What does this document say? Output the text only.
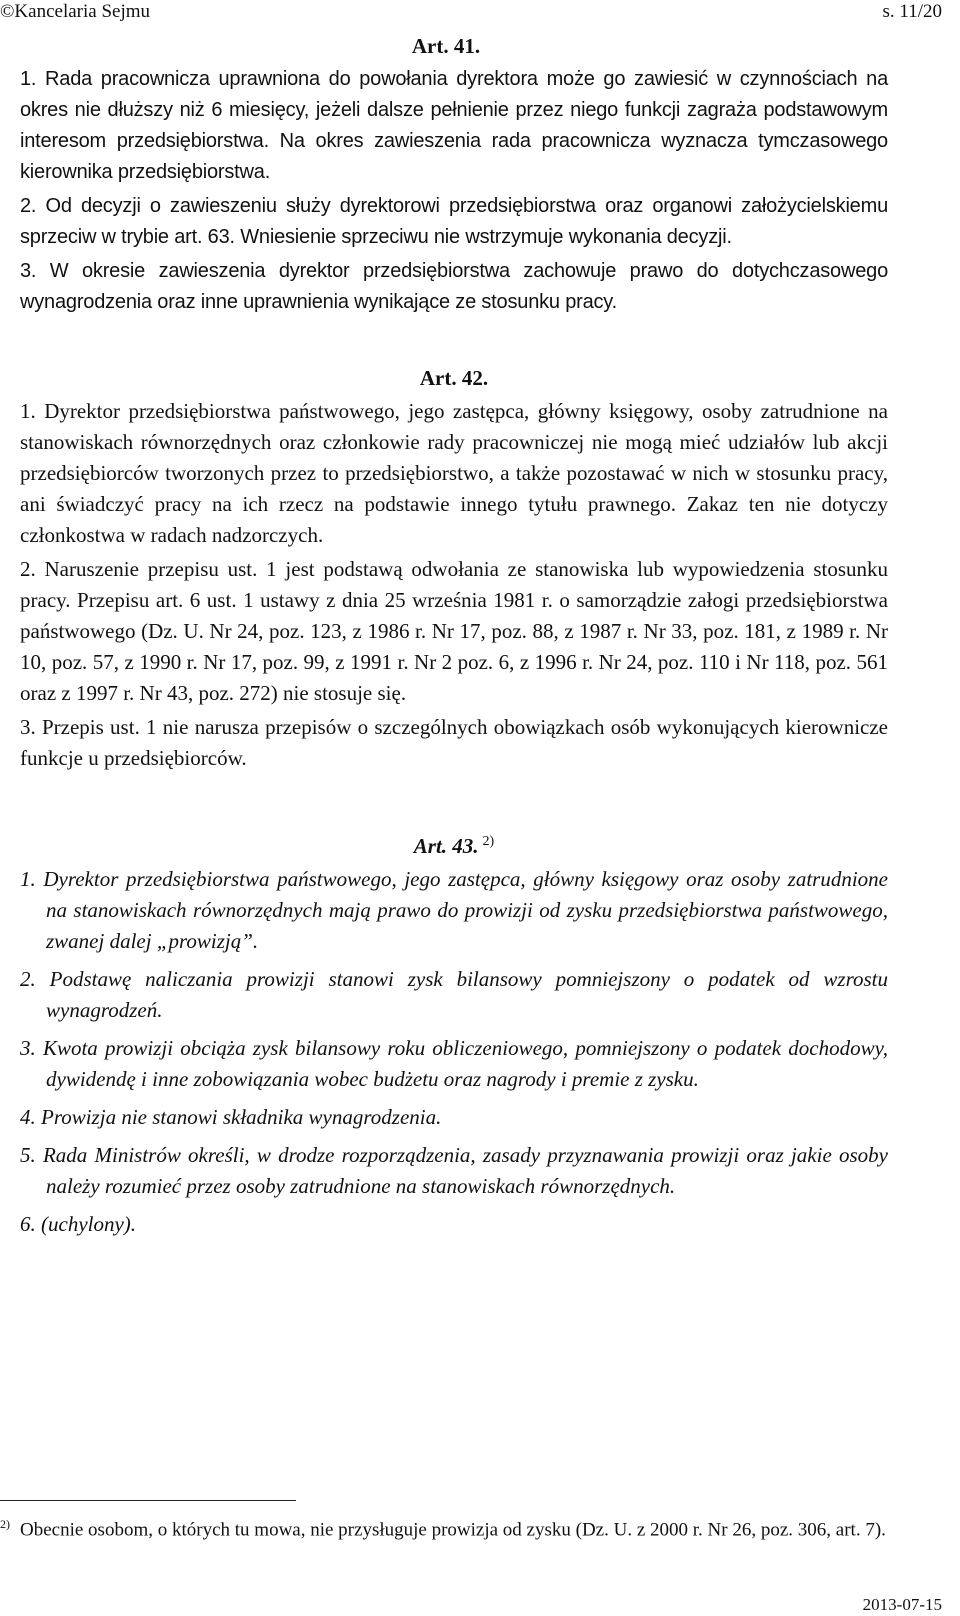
©Kancelaria Sejmu	s. 11/20
Art. 41.

1. Rada pracownicza uprawniona do powołania dyrektora może go zawiesić w czynnościach na okres nie dłuższy niż 6 miesięcy, jeżeli dalsze pełnienie przez niego funkcji zagraża podstawowym interesom przedsiębiorstwa. Na okres zawieszenia rada pracownicza wyznacza tymczasowego kierownika przedsiębiorstwa.

2. Od decyzji o zawieszeniu służy dyrektorowi przedsiębiorstwa oraz organowi założycielskiemu sprzeciw w trybie art. 63. Wniesienie sprzeciwu nie wstrzymuje wykonania decyzji.

3. W okresie zawieszenia dyrektor przedsiębiorstwa zachowuje prawo do dotychczasowego wynagrodzenia oraz inne uprawnienia wynikające ze stosunku pracy.

Art. 42.

1. Dyrektor przedsiębiorstwa państwowego, jego zastępca, główny księgowy, osoby zatrudnione na stanowiskach równorzędnych oraz członkowie rady pracowniczej nie mogą mieć udziałów lub akcji przedsiębiorców tworzonych przez to przedsiębiorstwo, a także pozostawać w nich w stosunku pracy, ani świadczyć pracy na ich rzecz na podstawie innego tytułu prawnego. Zakaz ten nie dotyczy członkostwa w radach nadzorczych.

2. Naruszenie przepisu ust. 1 jest podstawą odwołania ze stanowiska lub wypowiedzenia stosunku pracy. Przepisu art. 6 ust. 1 ustawy z dnia 25 września 1981 r. o samorządzie załogi przedsiębiorstwa państwowego (Dz. U. Nr 24, poz. 123, z 1986 r. Nr 17, poz. 88, z 1987 r. Nr 33, poz. 181, z 1989 r. Nr 10, poz. 57, z 1990 r. Nr 17, poz. 99, z 1991 r. Nr 2 poz. 6, z 1996 r. Nr 24, poz. 110 i Nr 118, poz. 561 oraz z 1997 r. Nr 43, poz. 272) nie stosuje się.

3. Przepis ust. 1 nie narusza przepisów o szczególnych obowiązkach osób wykonujących kierownicze funkcje u przedsiębiorców.

Art. 43. $^{2)}$

1. Dyrektor przedsiębiorstwa państwowego, jego zastępca, główny księgowy oraz osoby zatrudnione na stanowiskach równorzędnych mają prawo do prowizji od zysku przedsiębiorstwa państwowego, zwanej dalej „prowizją”.

2. Podstawę naliczania prowizji stanowi zysk bilansowy pomniejszony o podatek od wzrostu wynagrodzeń.

3. Kwota prowizji obciąża zysk bilansowy roku obliczeniowego, pomniejszony o podatek dochodowy, dywidendę i inne zobowiązania wobec budżetu oraz nagrody i premie z zysku.

4. Prowizja nie stanowi składnika wynagrodzenia.

5. Rada Ministrów określi, w drodze rozporządzenia, zasady przyznawania prowizji oraz jakie osoby należy rozumieć przez osoby zatrudnione na stanowiskach równorzędnych.

6. (uchylony).

$^{2)}$ Obecnie osobom, o których tu mowa, nie przysługuje prowizja od zysku (Dz. U. z 2000 r. Nr 26, poz. 306, art. 7).
2013-07-15
